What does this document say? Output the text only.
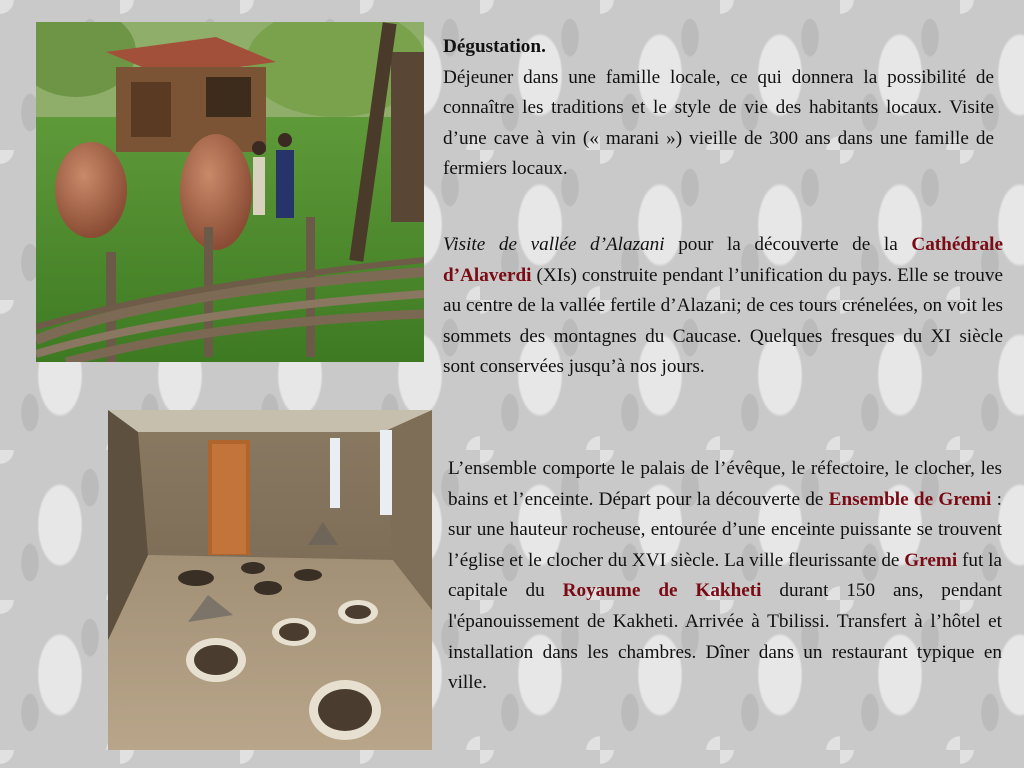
Dégustation.
Déjeuner dans une famille locale, ce qui donnera la possibilité de connaître les traditions et le style de vie des habitants locaux. Visite d’une cave à vin (« marani ») vieille de 300 ans dans une famille de fermiers locaux.
Visite de vallée d’Alazani pour la découverte de la Cathédrale d’Alaverdi (XIs) construite pendant l’unification du pays. Elle se trouve au centre de la vallée fertile d’Alazani; de ces tours crénelées, on voit les sommets des montagnes du Caucase. Quelques fresques du XI siècle sont conservées jusqu’à nos jours.
L’ensemble comporte le palais de l’évêque, le réfectoire, le clocher, les bains et l’enceinte. Départ pour la découverte de Ensemble de Gremi : sur une hauteur rocheuse, entourée d’une enceinte puissante se trouvent l’église et le clocher du XVI siècle. La ville fleurissante de Gremi fut la capitale du Royaume de Kakheti durant 150 ans, pendant l'épanouissement de Kakheti. Arrivée à Tbilissi. Transfert à l’hôtel et installation dans les chambres. Dîner dans un restaurant typique en ville.
